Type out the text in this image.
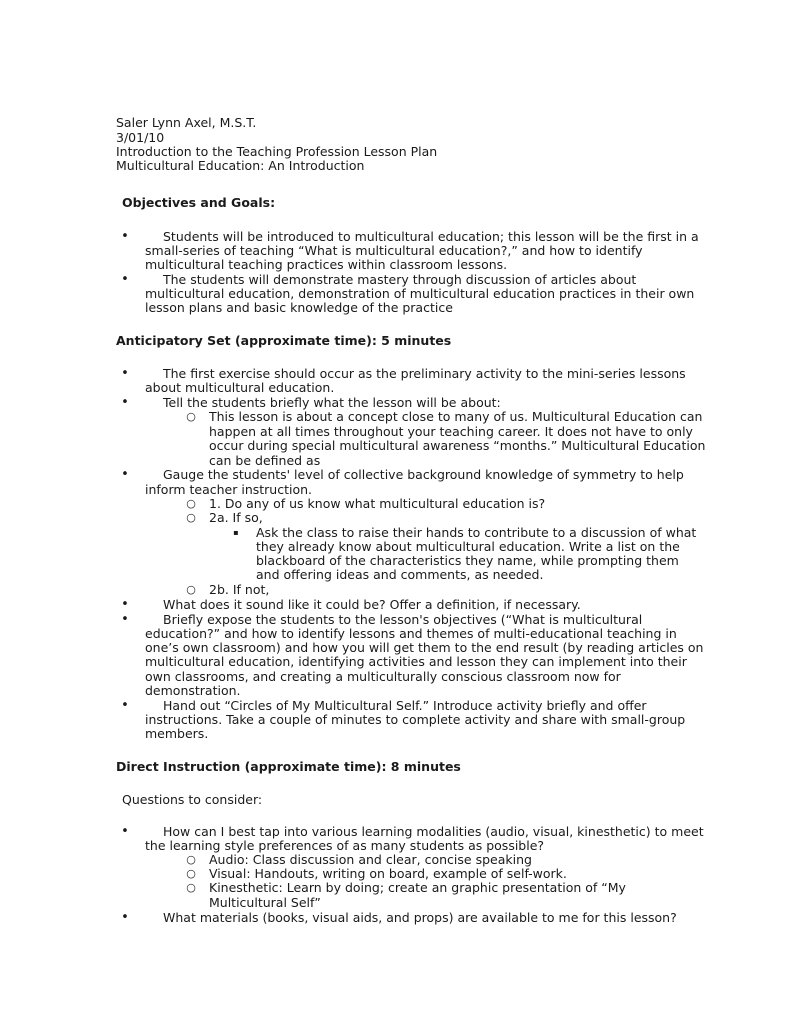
Saler Lynn Axel, M.S.T.
3/01/10
Introduction to the Teaching Profession Lesson Plan
Multicultural Education: An Introduction
Objectives and Goals:
•	Students will be introduced to multicultural education; this lesson will be the first in a
small-series of teaching “What is multicultural education?,” and how to identify
multicultural teaching practices within classroom lessons.
•	The students will demonstrate mastery through discussion of articles about
multicultural education, demonstration of multicultural education practices in their own
lesson plans and basic knowledge of the practice
Anticipatory Set (approximate time): 5 minutes
•	The first exercise should occur as the preliminary activity to the mini-series lessons
about multicultural education.
•	Tell the students briefly what the lesson will be about:
○ This lesson is about a concept close to many of us. Multicultural Education can
happen at all times throughout your teaching career. It does not have to only
occur during special multicultural awareness “months.” Multicultural Education
can be defined as
•	Gauge the students' level of collective background knowledge of symmetry to help
inform teacher instruction.
○ 1. Do any of us know what multicultural education is?
○ 2a. If so,
▪ Ask the class to raise their hands to contribute to a discussion of what
they already know about multicultural education. Write a list on the
blackboard of the characteristics they name, while prompting them
and offering ideas and comments, as needed.
○ 2b. If not,
•	What does it sound like it could be? Offer a definition, if necessary.
•	Briefly expose the students to the lesson's objectives (“What is multicultural
education?” and how to identify lessons and themes of multi-educational teaching in
one’s own classroom) and how you will get them to the end result (by reading articles on
multicultural education, identifying activities and lesson they can implement into their
own classrooms, and creating a multiculturally conscious classroom now for
demonstration.
•	Hand out “Circles of My Multicultural Self.” Introduce activity briefly and offer
instructions. Take a couple of minutes to complete activity and share with small-group
members.
Direct Instruction (approximate time): 8 minutes
Questions to consider:
•	How can I best tap into various learning modalities (audio, visual, kinesthetic) to meet
the learning style preferences of as many students as possible?
○ Audio: Class discussion and clear, concise speaking
○ Visual: Handouts, writing on board, example of self-work.
○ Kinesthetic: Learn by doing; create an graphic presentation of “My
Multicultural Self”
•	What materials (books, visual aids, and props) are available to me for this lesson?
